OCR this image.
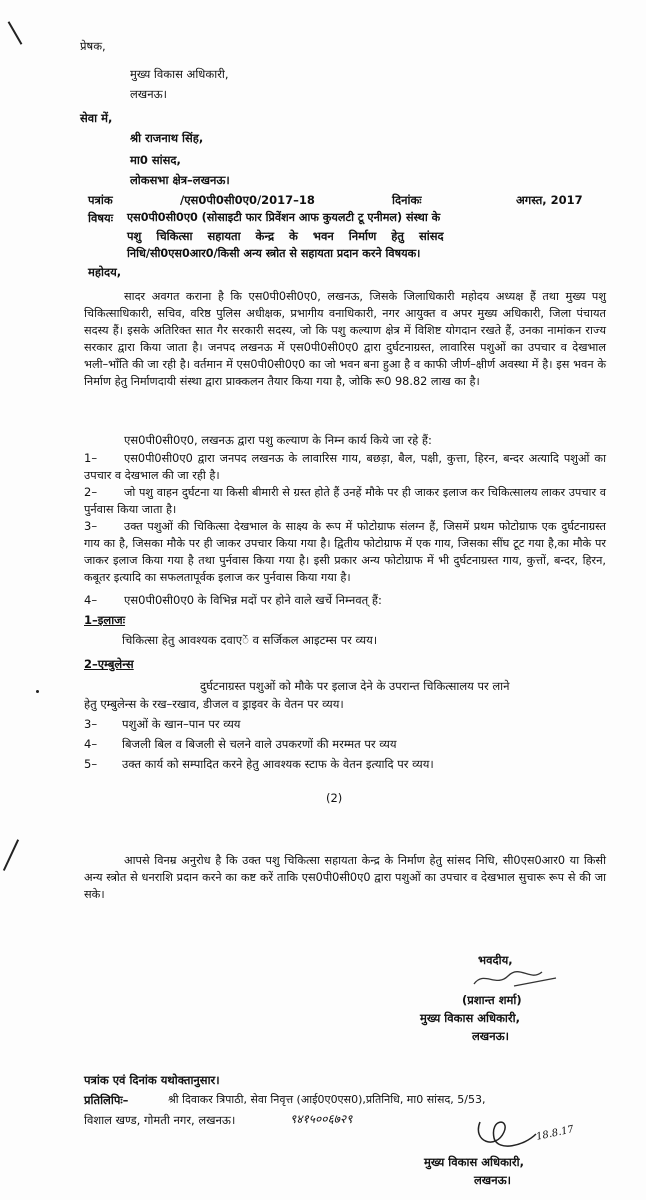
प्रेषक,
मुख्य विकास अधिकारी,
लखनऊ।
सेवा में,
श्री राजनाथ सिंह,
मा0 सांसद,
लोकसभा क्षेत्र–लखनऊ।
पत्रांक	/एस0पी0सी0ए0/2017–18	दिनांकः	अगस्त, 2017
विषयः एस0पी0सी0ए0 (सोसाइटी फार प्रिवेंशन आफ कुयलटी टू एनीमल) संस्था के
पशु चिकित्सा सहायता केन्द्र के भवन निर्माण हेतु सांसद
निधि/सी0एस0आर0/किसी अन्य स्त्रोत से सहायता प्रदान करने विषयक।
महोदय,
सादर अवगत कराना है कि एस0पी0सी0ए0, लखनऊ, जिसके जिलाधिकारी महोदय अध्यक्ष हैं तथा मुख्य पशु चिकित्साधिकारी, सचिव, वरिष्ठ पुलिस अधीक्षक, प्रभागीय वनाधिकारी, नगर आयुक्त व अपर मुख्य अधिकारी, जिला पंचायत सदस्य हैं। इसके अतिरिक्त सात गैर सरकारी सदस्य, जो कि पशु कल्याण क्षेत्र में विशिष्ट योगदान रखते हैं, उनका नामांकन राज्य सरकार द्वारा किया जाता है। जनपद लखनऊ में एस0पी0सी0ए0 द्वारा दुर्घटनाग्रस्त, लावारिस पशुओं का उपचार व देखभाल भली–भाँति की जा रही है। वर्तमान में एस0पी0सी0ए0 का जो भवन बना हुआ है व काफी जीर्ण–क्षीर्ण अवस्था में है। इस भवन के निर्माण हेतु निर्माणदायी संस्था द्वारा प्राक्कलन तैयार किया गया है, जोकि रू0 98.82 लाख का है।
एस0पी0सी0ए0, लखनऊ द्वारा पशु कल्याण के निम्न कार्य किये जा रहे हैं:
1–	एस0पी0सी0ए0 द्वारा जनपद लखनऊ के लावारिस गाय, बछड़ा, बैल, पक्षी, कुत्ता, हिरन, बन्दर अत्यादि पशुओं का उपचार व देखभाल की जा रही है।
2–	जो पशु वाहन दुर्घटना या किसी बीमारी से ग्रस्त होते हैं उनहें मौके पर ही जाकर इलाज कर चिकित्सालय लाकर उपचार व पुर्नवास किया जाता है।
3–	उक्त पशुओं की चिकित्सा देखभाल के साक्ष्य के रूप में फोटोग्राफ संलग्न हैं, जिसमें प्रथम फोटोग्राफ एक दुर्घटनाग्रस्त गाय का है, जिसका मौके पर ही जाकर उपचार किया गया है। द्वितीय फोटोग्राफ में एक गाय, जिसका सींघ टूट गया है,का मौके पर जाकर इलाज किया गया है तथा पुर्नवास किया गया है। इसी प्रकार अन्य फोटोग्राफ में भी दुर्घटनाग्रस्त गाय, कुत्तों, बन्दर, हिरन, कबूतर इत्यादि का सफलतापूर्वक इलाज कर पुर्नवास किया गया है।
4– एस0पी0सी0ए0 के विभिन्न मदों पर होने वाले खर्चे निम्नवत् हैं:
1–इलाजः
चिकित्सा हेतु आवश्यक दवाएें व सर्जिकल आइटम्स पर व्यय।
2–एम्बुलेन्स
दुर्घटनाग्रस्त पशुओं को मौके पर इलाज देने के उपरान्त चिकित्सालय पर लाने
हेतु एम्बुलेन्स के रख–रखाव, डीजल व ड्राइवर के वेतन पर व्यय।
3– पशुओं के खान–पान पर व्यय
4– बिजली बिल व बिजली से चलने वाले उपकरणों की मरम्मत पर व्यय
5– उक्त कार्य को सम्पादित करने हेतु आवश्यक स्टाफ के वेतन इत्यादि पर व्यय।
(2)
आपसे विनम्र अनुरोध है कि उक्त पशु चिकित्सा सहायता केन्द्र के निर्माण हेतु सांसद निधि, सी0एस0आर0 या किसी अन्य स्त्रोत से धनराशि प्रदान करने का कष्ट करें ताकि एस0पी0सी0ए0 द्वारा पशुओं का उपचार व देखभाल सुचारू रूप से की जा सके।
भवदीय,
(प्रशान्त शर्मा)
मुख्य विकास अधिकारी,
लखनऊ।
पत्रांक एवं दिनांक यथोक्तानुसार।
प्रतिलिपिः–	श्री दिवाकर त्रिपाठी, सेवा निवृत्त (आई0ए0एस0),प्रतिनिधि, मा0 सांसद, 5/53,
विशाल खण्ड, गोमती नगर, लखनऊ।	९४१५००६७२९
18.8.17
मुख्य विकास अधिकारी,
लखनऊ।
